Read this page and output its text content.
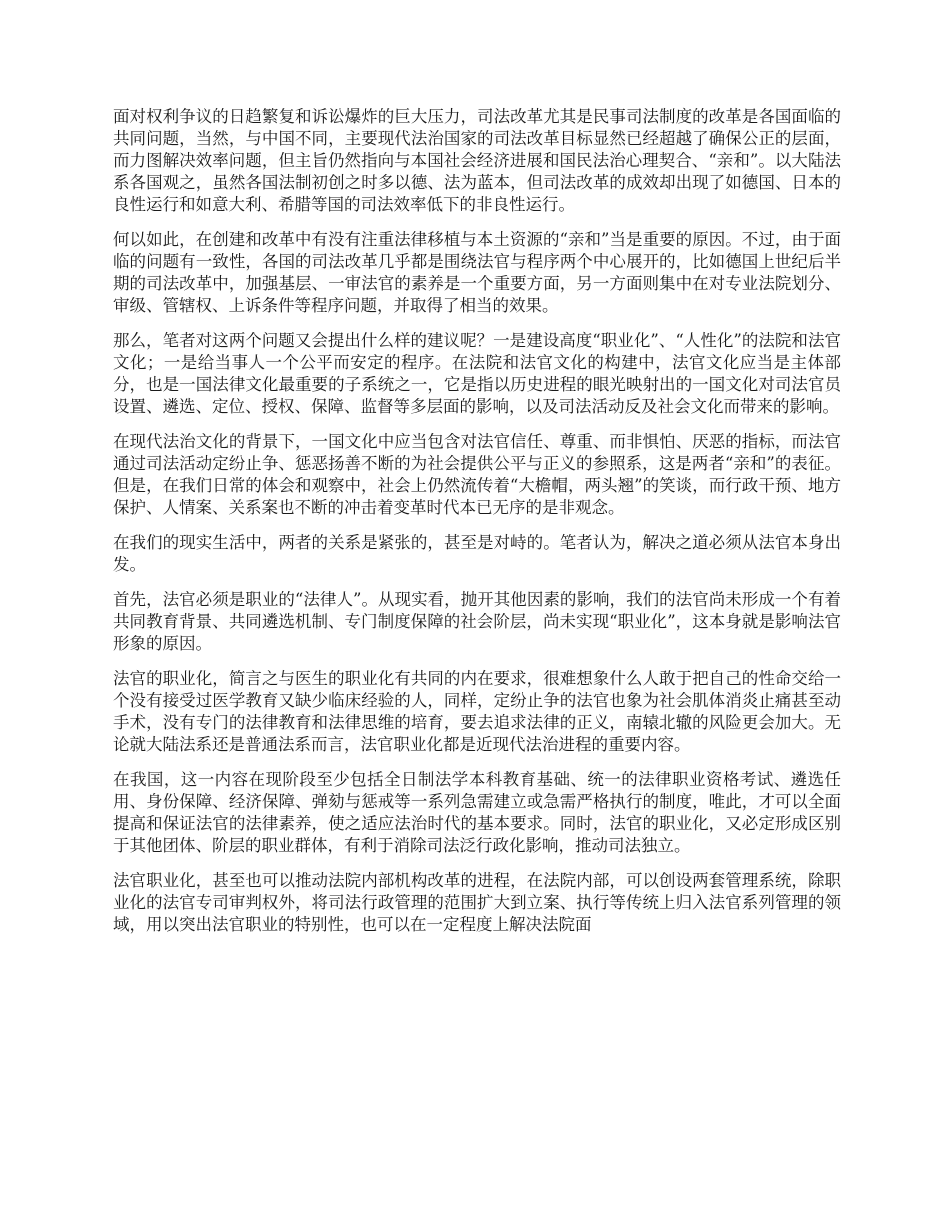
面对权利争议的日趋繁复和诉讼爆炸的巨大压力，司法改革尤其是民事司法制度的改革是各国面临的共同问题，当然，与中国不同，主要现代法治国家的司法改革目标显然已经超越了确保公正的层面，而力图解决效率问题，但主旨仍然指向与本国社会经济进展和国民法治心理契合、“亲和”。以大陆法系各国观之，虽然各国法制初创之时多以德、法为蓝本，但司法改革的成效却出现了如德国、日本的良性运行和如意大利、希腊等国的司法效率低下的非良性运行。

何以如此，在创建和改革中有没有注重法律移植与本土资源的“亲和”当是重要的原因。不过，由于面临的问题有一致性，各国的司法改革几乎都是围绕法官与程序两个中心展开的，比如德国上世纪后半期的司法改革中，加强基层、一审法官的素养是一个重要方面，另一方面则集中在对专业法院划分、审级、管辖权、上诉条件等程序问题，并取得了相当的效果。

那么，笔者对这两个问题又会提出什么样的建议呢？一是建设高度“职业化”、“人性化”的法院和法官文化；一是给当事人一个公平而安定的程序。在法院和法官文化的构建中，法官文化应当是主体部分，也是一国法律文化最重要的子系统之一，它是指以历史进程的眼光映射出的一国文化对司法官员设置、遴选、定位、授权、保障、监督等多层面的影响，以及司法活动反及社会文化而带来的影响。

在现代法治文化的背景下，一国文化中应当包含对法官信任、尊重、而非惧怕、厌恶的指标，而法官通过司法活动定纷止争、惩恶扬善不断的为社会提供公平与正义的参照系，这是两者“亲和”的表征。但是，在我们日常的体会和观察中，社会上仍然流传着“大檐帽，两头翘”的笑谈，而行政干预、地方保护、人情案、关系案也不断的冲击着变革时代本已无序的是非观念。

在我们的现实生活中，两者的关系是紧张的，甚至是对峙的。笔者认为，解决之道必须从法官本身出发。

首先，法官必须是职业的“法律人”。从现实看，抛开其他因素的影响，我们的法官尚未形成一个有着共同教育背景、共同遴选机制、专门制度保障的社会阶层，尚未实现“职业化”，这本身就是影响法官形象的原因。

法官的职业化，简言之与医生的职业化有共同的内在要求，很难想象什么人敢于把自己的性命交给一个没有接受过医学教育又缺少临床经验的人，同样，定纷止争的法官也象为社会肌体消炎止痛甚至动手术，没有专门的法律教育和法律思维的培育，要去追求法律的正义，南辕北辙的风险更会加大。无论就大陆法系还是普通法系而言，法官职业化都是近现代法治进程的重要内容。

在我国，这一内容在现阶段至少包括全日制法学本科教育基础、统一的法律职业资格考试、遴选任用、身份保障、经济保障、弹劾与惩戒等一系列急需建立或急需严格执行的制度，唯此，才可以全面提高和保证法官的法律素养，使之适应法治时代的基本要求。同时，法官的职业化，又必定形成区别于其他团体、阶层的职业群体，有利于消除司法泛行政化影响，推动司法独立。

法官职业化，甚至也可以推动法院内部机构改革的进程，在法院内部，可以创设两套管理系统，除职业化的法官专司审判权外，将司法行政管理的范围扩大到立案、执行等传统上归入法官系列管理的领域，用以突出法官职业的特别性，也可以在一定程度上解决法院面
